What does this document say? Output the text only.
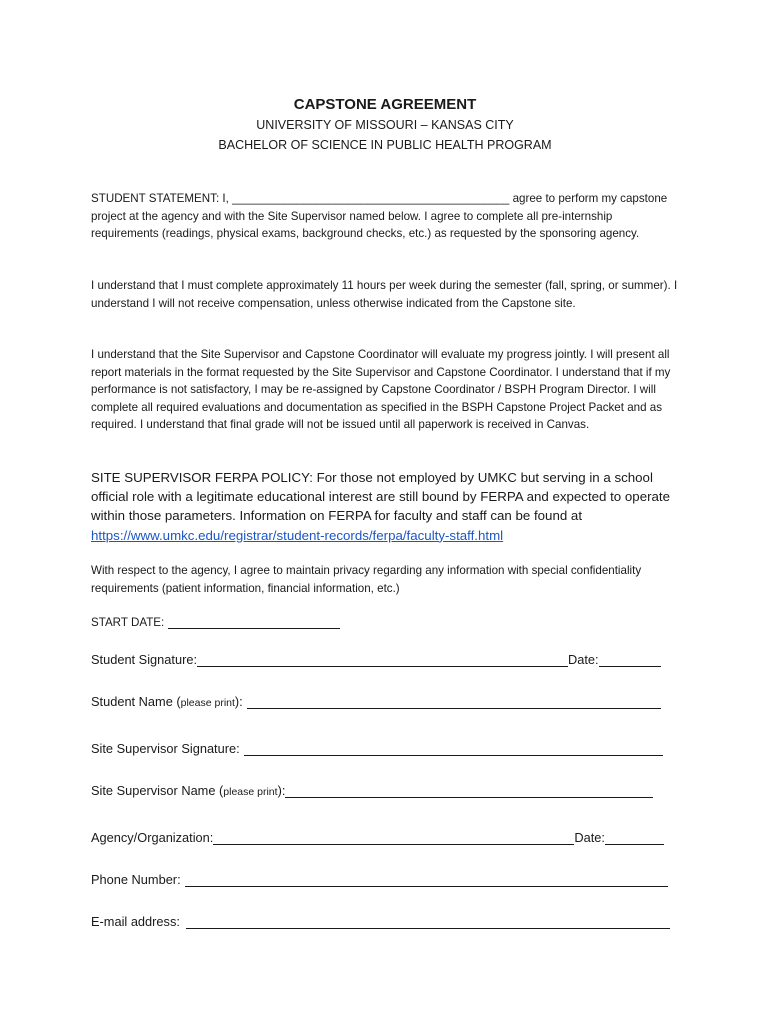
CAPSTONE AGREEMENT
UNIVERSITY OF MISSOURI – KANSAS CITY
BACHELOR OF SCIENCE IN PUBLIC HEALTH PROGRAM

STUDENT STATEMENT: I, ___________________________________________ agree to perform my capstone project at the agency and with the Site Supervisor named below. I agree to complete all pre-internship requirements (readings, physical exams, background checks, etc.) as requested by the sponsoring agency.

I understand that I must complete approximately 11 hours per week during the semester (fall, spring, or summer). I understand I will not receive compensation, unless otherwise indicated from the Capstone site.

I understand that the Site Supervisor and Capstone Coordinator will evaluate my progress jointly. I will present all report materials in the format requested by the Site Supervisor and Capstone Coordinator. I understand that if my performance is not satisfactory, I may be re-assigned by Capstone Coordinator / BSPH Program Director. I will complete all required evaluations and documentation as specified in the BSPH Capstone Project Packet and as required. I understand that final grade will not be issued until all paperwork is received in Canvas.

SITE SUPERVISOR FERPA POLICY: For those not employed by UMKC but serving in a school official role with a legitimate educational interest are still bound by FERPA and expected to operate within those parameters. Information on FERPA for faculty and staff can be found at https://www.umkc.edu/registrar/student-records/ferpa/faculty-staff.html

With respect to the agency, I agree to maintain privacy regarding any information with special confidentiality requirements (patient information, financial information, etc.)

START DATE:
Student Signature:	Date:
Student Name ( please print ):
Site Supervisor Signature:
Site Supervisor Name ( please print ):
Agency/Organization:	Date:
Phone Number:
E-mail address:
